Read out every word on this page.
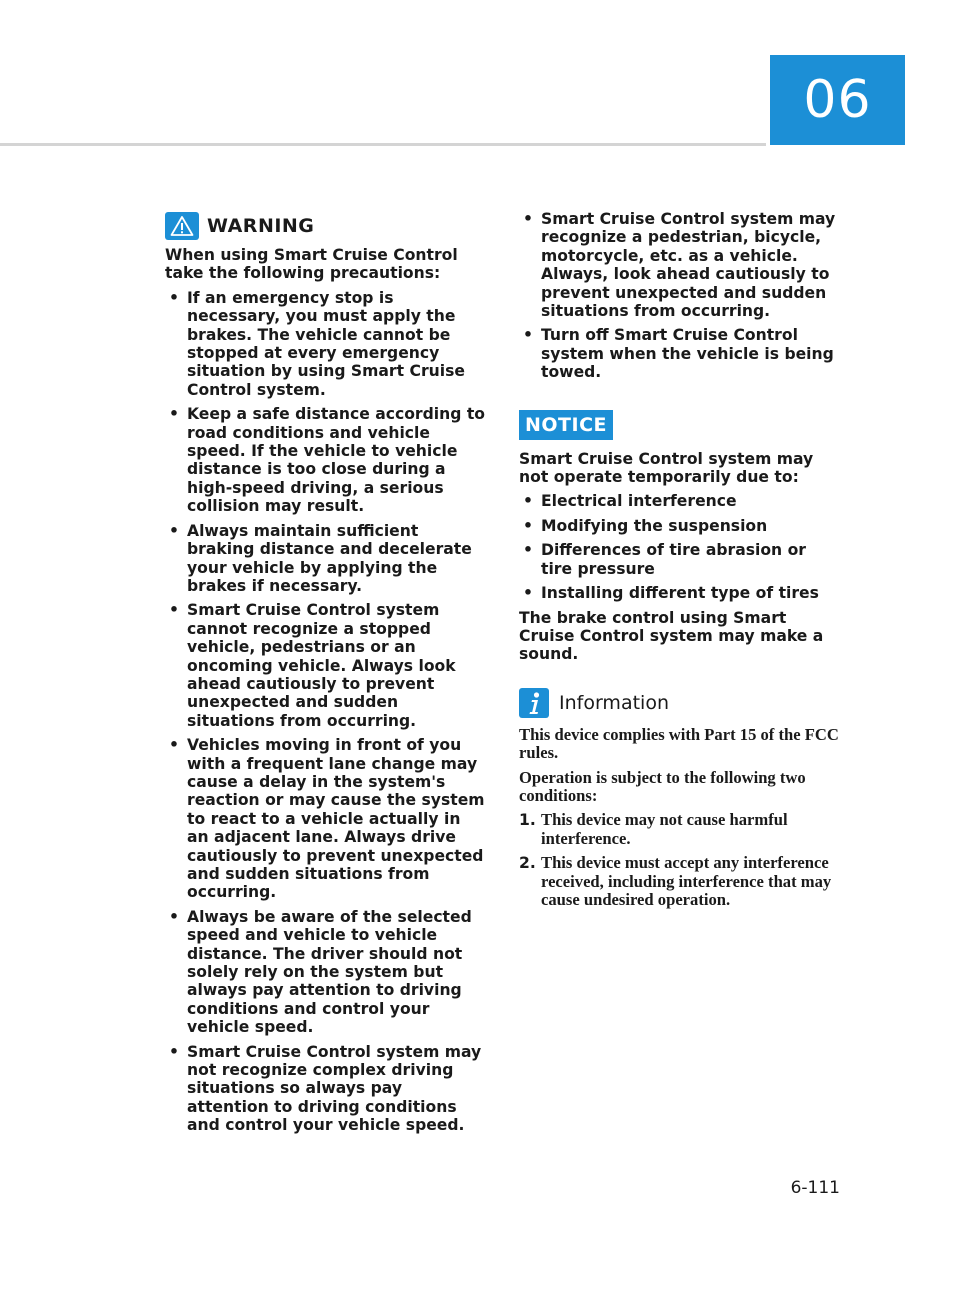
06
WARNING

When using Smart Cruise Control take the following precautions:

• If an emergency stop is necessary, you must apply the brakes. The vehicle cannot be stopped at every emergency situation by using Smart Cruise Control system.
• Keep a safe distance according to road conditions and vehicle speed. If the vehicle to vehicle distance is too close during a high-speed driving, a serious collision may result.
• Always maintain sufficient braking distance and decelerate your vehicle by applying the brakes if necessary.
• Smart Cruise Control system cannot recognize a stopped vehicle, pedestrians or an oncoming vehicle. Always look ahead cautiously to prevent unexpected and sudden situations from occurring.
• Vehicles moving in front of you with a frequent lane change may cause a delay in the system's reaction or may cause the system to react to a vehicle actually in an adjacent lane. Always drive cautiously to prevent unexpected and sudden situations from occurring.
• Always be aware of the selected speed and vehicle to vehicle distance. The driver should not solely rely on the system but always pay attention to driving conditions and control your vehicle speed.
• Smart Cruise Control system may not recognize complex driving situations so always pay attention to driving conditions and control your vehicle speed.
• Smart Cruise Control system may recognize a pedestrian, bicycle, motorcycle, etc. as a vehicle. Always, look ahead cautiously to prevent unexpected and sudden situations from occurring.
• Turn off Smart Cruise Control system when the vehicle is being towed.
NOTICE

Smart Cruise Control system may not operate temporarily due to:

• Electrical interference
• Modifying the suspension
• Differences of tire abrasion or tire pressure
• Installing different type of tires

The brake control using Smart Cruise Control system may make a sound.

Information

This device complies with Part 15 of the FCC rules.

Operation is subject to the following two conditions:

1. This device may not cause harmful interference.
2. This device must accept any interference received, including interference that may cause undesired operation.
6-111
